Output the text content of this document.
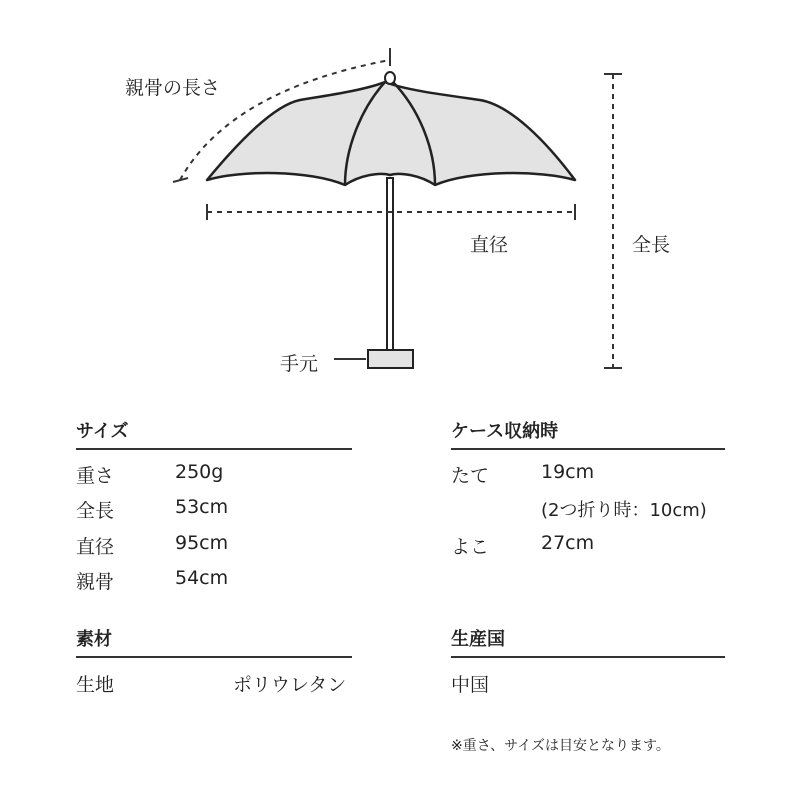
親骨の長さ
直径	全長
手元
サイズ
重さ	250g
全長	53cm
直径	95cm
親骨	54cm
ケース収納時
たて	19cm
(2つ折り時：10cm)
よこ	27cm
素材
生地	ポリウレタン
生産国
中国
※重さ、サイズは目安となります。
